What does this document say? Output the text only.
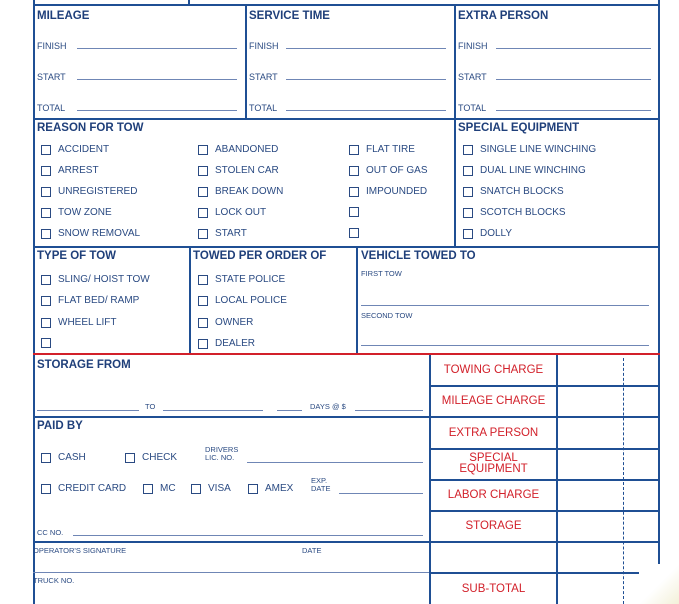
MILEAGE
FINISH
START
TOTAL
SERVICE TIME
FINISH
START
TOTAL
EXTRA PERSON
FINISH
START
TOTAL
REASON FOR TOW
ACCIDENT
ARREST
UNREGISTERED
TOW ZONE
SNOW REMOVAL
ABANDONED
STOLEN CAR
BREAK DOWN
LOCK OUT
START
FLAT TIRE
OUT OF GAS
IMPOUNDED
SPECIAL EQUIPMENT
SINGLE LINE WINCHING
DUAL LINE WINCHING
SNATCH BLOCKS
SCOTCH BLOCKS
DOLLY
TYPE OF TOW
SLING/ HOIST TOW
FLAT BED/ RAMP
WHEEL LIFT
TOWED PER ORDER OF
STATE POLICE
LOCAL POLICE
OWNER
DEALER
VEHICLE TOWED TO
FIRST TOW
SECOND TOW
STORAGE FROM
TO	DAYS @ $
PAID BY
CASH	CHECK
DRIVERS
LIC. NO.
CREDIT CARD	MC	VISA	AMEX
EXP.
DATE
CC NO.
OPERATOR'S SIGNATURE	DATE
TRUCK NO.
TOWING CHARGE
MILEAGE CHARGE
EXTRA PERSON
SPECIAL
EQUIPMENT
LABOR CHARGE
STORAGE
SUB-TOTAL
